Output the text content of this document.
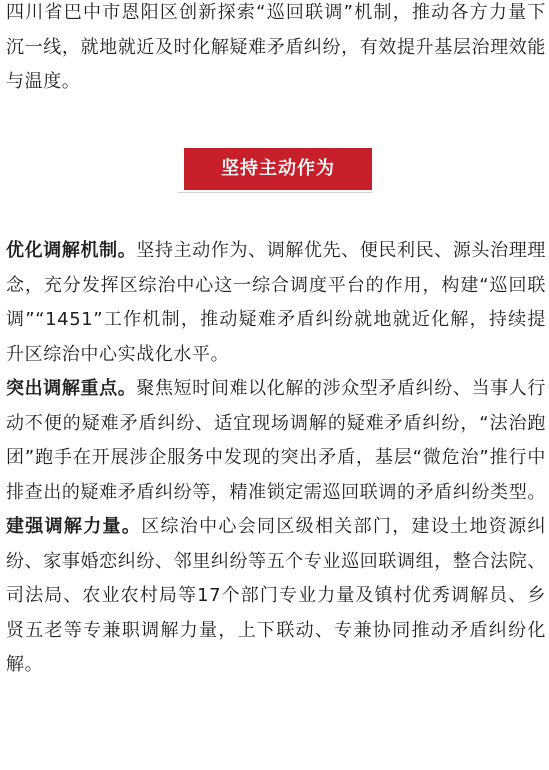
四川省巴中市恩阳区创新探索“巡回联调”机制，推动各方力量下沉一线，就地就近及时化解疑难矛盾纠纷，有效提升基层治理效能与温度。

坚持主动作为

优化调解机制。坚持主动作为、调解优先、便民利民、源头治理理念，充分发挥区综治中心这一综合调度平台的作用，构建“巡回联调”“1451”工作机制，推动疑难矛盾纠纷就地就近化解，持续提升区综治中心实战化水平。
突出调解重点。聚焦短时间难以化解的涉众型矛盾纠纷、当事人行动不便的疑难矛盾纠纷、适宜现场调解的疑难矛盾纠纷，“法治跑团”跑手在开展涉企服务中发现的突出矛盾，基层“微危治”推行中排查出的疑难矛盾纠纷等，精准锁定需巡回联调的矛盾纠纷类型。建强调解力量。区综治中心会同区级相关部门，建设土地资源纠纷、家事婚恋纠纷、邻里纠纷等五个专业巡回联调组，整合法院、司法局、农业农村局等17个部门专业力量及镇村优秀调解员、乡贤五老等专兼职调解力量，上下联动、专兼协同推动矛盾纠纷化解。
